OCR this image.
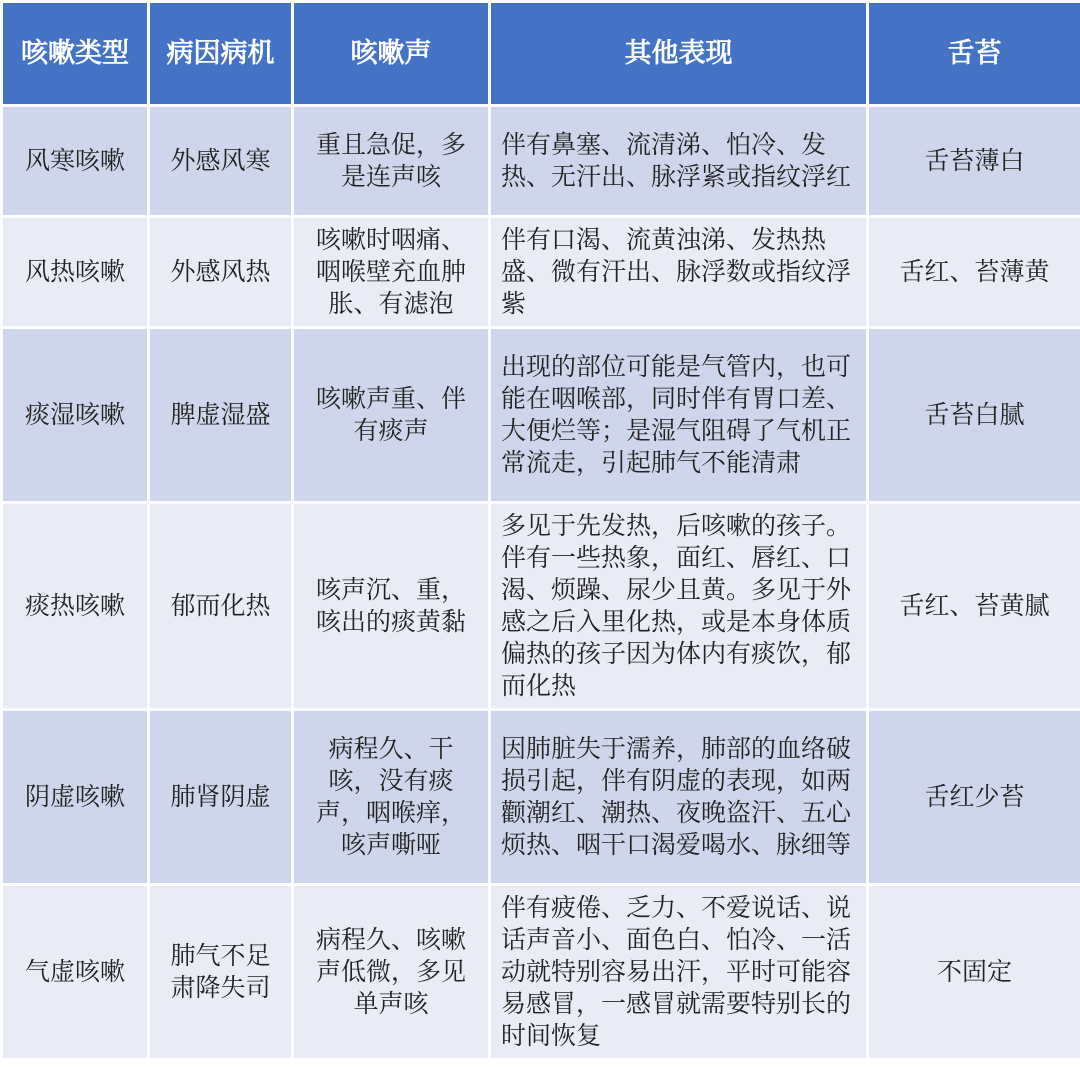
咳嗽类型	病因病机	咳嗽声	其他表现	舌苔
风寒咳嗽	外感风寒	重且急促，多是连声咳	伴有鼻塞、流清涕、怕冷、发热、无汗出、脉浮紧或指纹浮红	舌苔薄白
风热咳嗽	外感风热	咳嗽时咽痛、咽喉壁充血肿胀、有滤泡	伴有口渴、流黄浊涕、发热热盛、微有汗出、脉浮数或指纹浮紫	舌红、苔薄黄
痰湿咳嗽	脾虚湿盛	咳嗽声重、伴有痰声	出现的部位可能是气管内，也可能在咽喉部，同时伴有胃口差、大便烂等；是湿气阻碍了气机正常流走，引起肺气不能清肃	舌苔白腻
痰热咳嗽	郁而化热	咳声沉、重，咳出的痰黄黏	多见于先发热，后咳嗽的孩子。伴有一些热象，面红、唇红、口渴、烦躁、尿少且黄。多见于外感之后入里化热，或是本身体质偏热的孩子因为体内有痰饮，郁而化热	舌红、苔黄腻
阴虚咳嗽	肺肾阴虚	病程久、干咳，没有痰声，咽喉痒，咳声嘶哑	因肺脏失于濡养，肺部的血络破损引起，伴有阴虚的表现，如两颧潮红、潮热、夜晚盗汗、五心烦热、咽干口渴爱喝水、脉细等	舌红少苔
气虚咳嗽	肺气不足肃降失司	病程久、咳嗽声低微，多见单声咳	伴有疲倦、乏力、不爱说话、说话声音小、面色白、怕冷、一活动就特别容易出汗，平时可能容易感冒，一感冒就需要特别长的时间恢复	不固定
